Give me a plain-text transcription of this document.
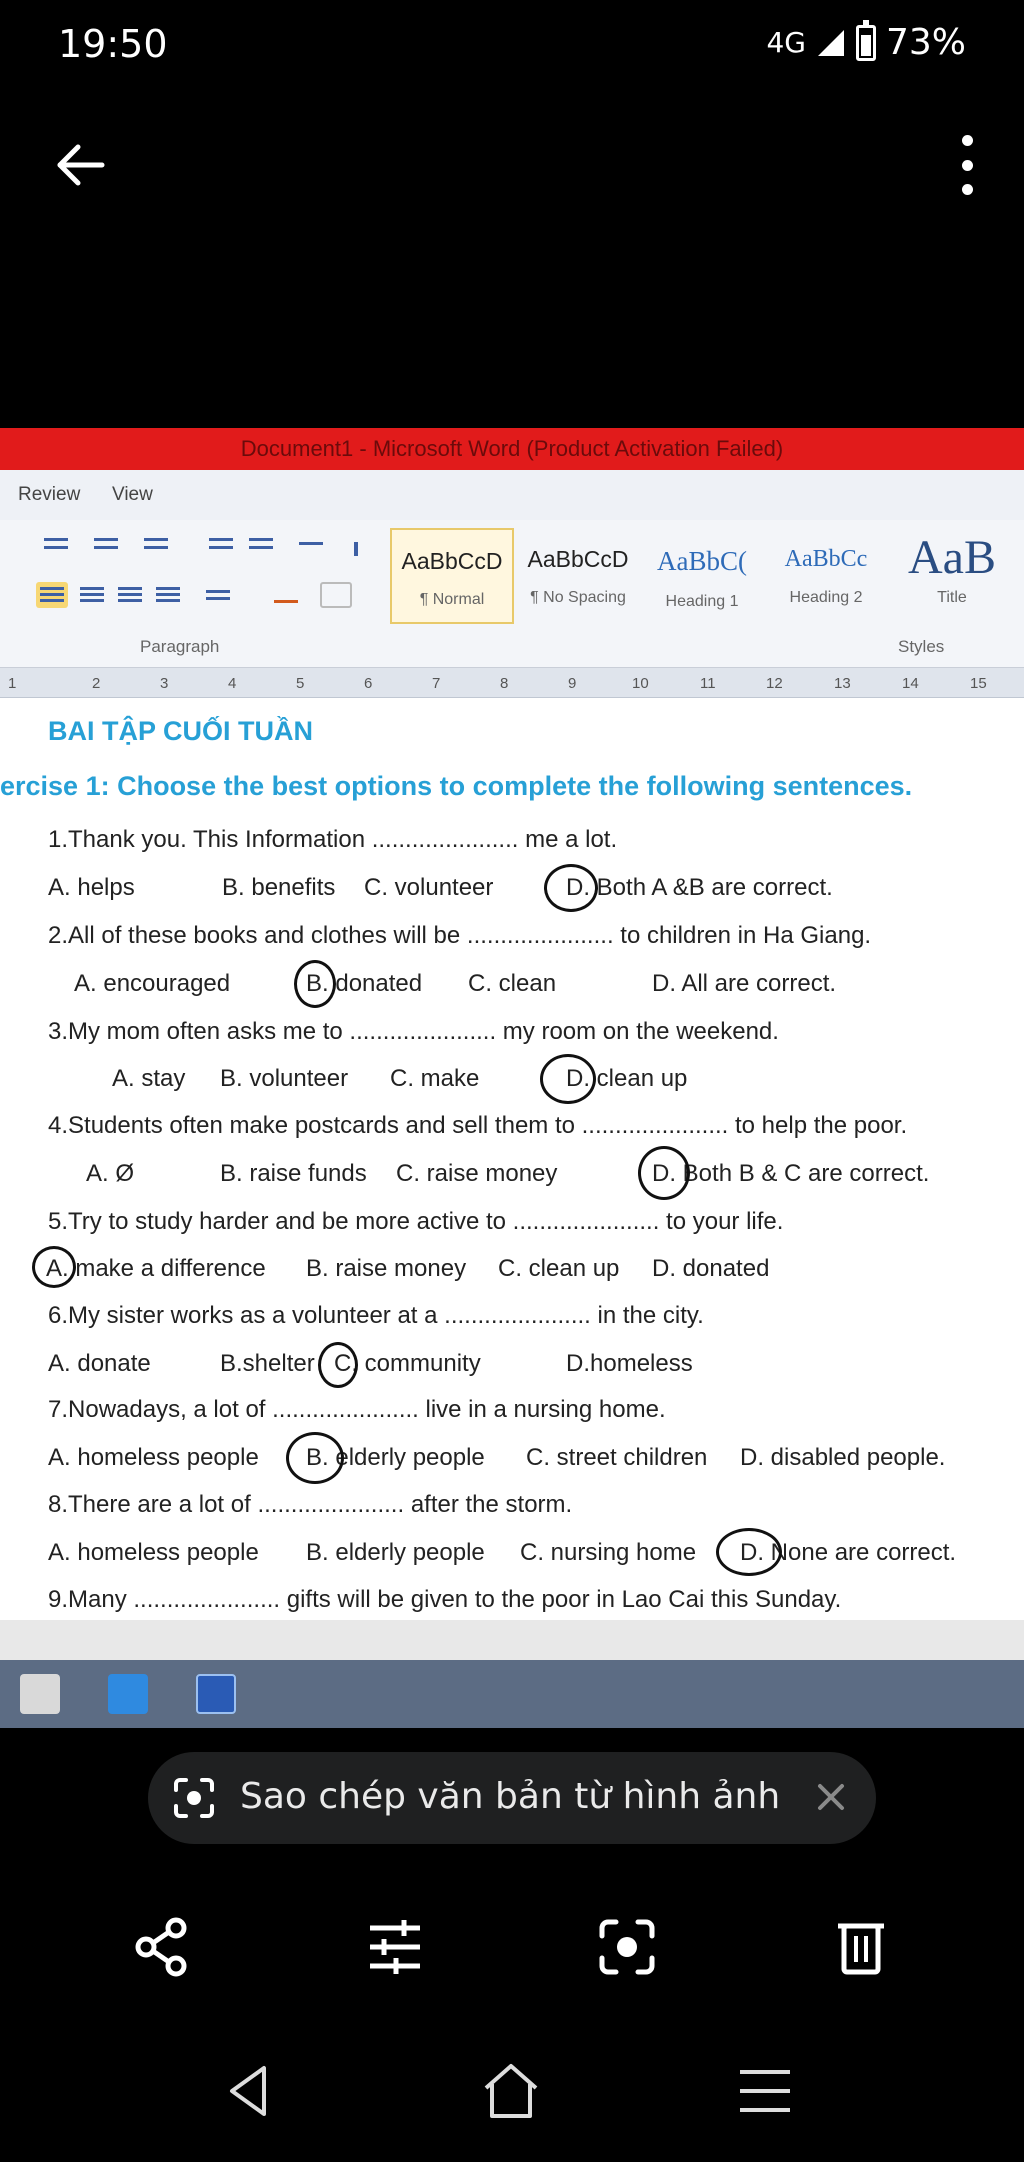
19:50	4G 73%
Document1 - Microsoft Word (Product Activation Failed)
Review View
Paragraph
AaBbCcD
¶ Normal
AaBbCcD
¶ No Spacing
AaBbC(
Heading 1
AaBbCc
Heading 2
AaB
Title
Styles
1	2	3	4	5	6	7	8	9	10	11	12	13	14	15
BAI TẬP CUỐI TUẦN
ercise 1: Choose the best options to complete the following sentences.
1.Thank you. This Information ...................... me a lot.
A. helps	B. benefits C. volunteer	D. Both A &B are correct.
2.All of these books and clothes will be ...................... to children in Ha Giang.
A. encouraged	B. donated C. clean	D. All are correct.
3.My mom often asks me to ...................... my room on the weekend.
A. stay B. volunteer C. make	D. clean up
4.Students often make postcards and sell them to ...................... to help the poor.
A. Ø	B. raise funds C. raise money	D. Both B & C are correct.
5.Try to study harder and be more active to ...................... to your life.
A. make a difference B. raise money C. clean up D. donated
6.My sister works as a volunteer at a ...................... in the city.
A. donate	B.shelter C. community	D.homeless
7.Nowadays, a lot of ...................... live in a nursing home.
A. homeless people B. elderly people C. street children D. disabled people.
8.There are a lot of ...................... after the storm.
A. homeless people B. elderly people C. nursing home D. None are correct.
9.Many ...................... gifts will be given to the poor in Lao Cai this Sunday.
Sao chép văn bản từ hình ảnh
